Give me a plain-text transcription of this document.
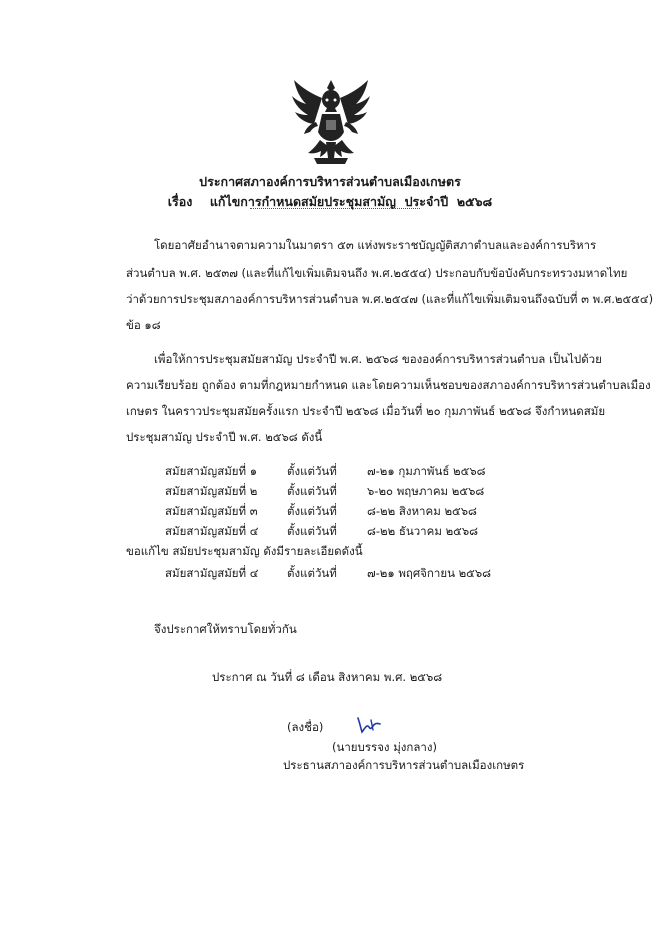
ประกาศสภาองค์การบริหารส่วนตำบลเมืองเกษตร
เรื่อง แก้ไขการกำหนดสมัยประชุมสามัญ  ประจำปี  ๒๕๖๘
โดยอาศัยอำนาจตามความในมาตรา ๕๓ แห่งพระราชบัญญัติสภาตำบลและองค์การบริหาร
ส่วนตำบล พ.ศ. ๒๕๓๗ (และที่แก้ไขเพิ่มเติมจนถึง พ.ศ.๒๕๕๔) ประกอบกับข้อบังคับกระทรวงมหาดไทย
ว่าด้วยการประชุมสภาองค์การบริหารส่วนตำบล พ.ศ.๒๕๔๗ (และที่แก้ไขเพิ่มเติมจนถึงฉบับที่ ๓ พ.ศ.๒๕๕๔)
ข้อ ๑๘
เพื่อให้การประชุมสมัยสามัญ ประจำปี พ.ศ. ๒๕๖๘ ขององค์การบริหารส่วนตำบล เป็นไปด้วย
ความเรียบร้อย ถูกต้อง ตามที่กฎหมายกำหนด และโดยความเห็นชอบของสภาองค์การบริหารส่วนตำบลเมือง
เกษตร ในคราวประชุมสมัยครั้งแรก ประจำปี ๒๕๖๘ เมื่อวันที่ ๒๐ กุมภาพันธ์ ๒๕๖๘ จึงกำหนดสมัย
ประชุมสามัญ ประจำปี พ.ศ. ๒๕๖๘ ดังนี้
สมัยสามัญสมัยที่ ๑	ตั้งแต่วันที่	๗-๒๑ กุมภาพันธ์ ๒๕๖๘
สมัยสามัญสมัยที่ ๒	ตั้งแต่วันที่	๖-๒๐ พฤษภาคม ๒๕๖๘
สมัยสามัญสมัยที่ ๓	ตั้งแต่วันที่	๘-๒๒ สิงหาคม ๒๕๖๘
สมัยสามัญสมัยที่ ๔ ตั้งแต่วันที่	๘-๒๒ ธันวาคม ๒๕๖๘
ขอแก้ไข สมัยประชุมสามัญ ดังมีรายละเอียดดังนี้
สมัยสามัญสมัยที่ ๔ ตั้งแต่วันที่	๗-๒๑ พฤศจิกายน ๒๕๖๘
จึงประกาศให้ทราบโดยทั่วกัน
ประกาศ ณ วันที่ ๘ เดือน สิงหาคม พ.ศ. ๒๕๖๘
(ลงชื่อ)
(นายบรรจง มุ่งกลาง)
ประธานสภาองค์การบริหารส่วนตำบลเมืองเกษตร
